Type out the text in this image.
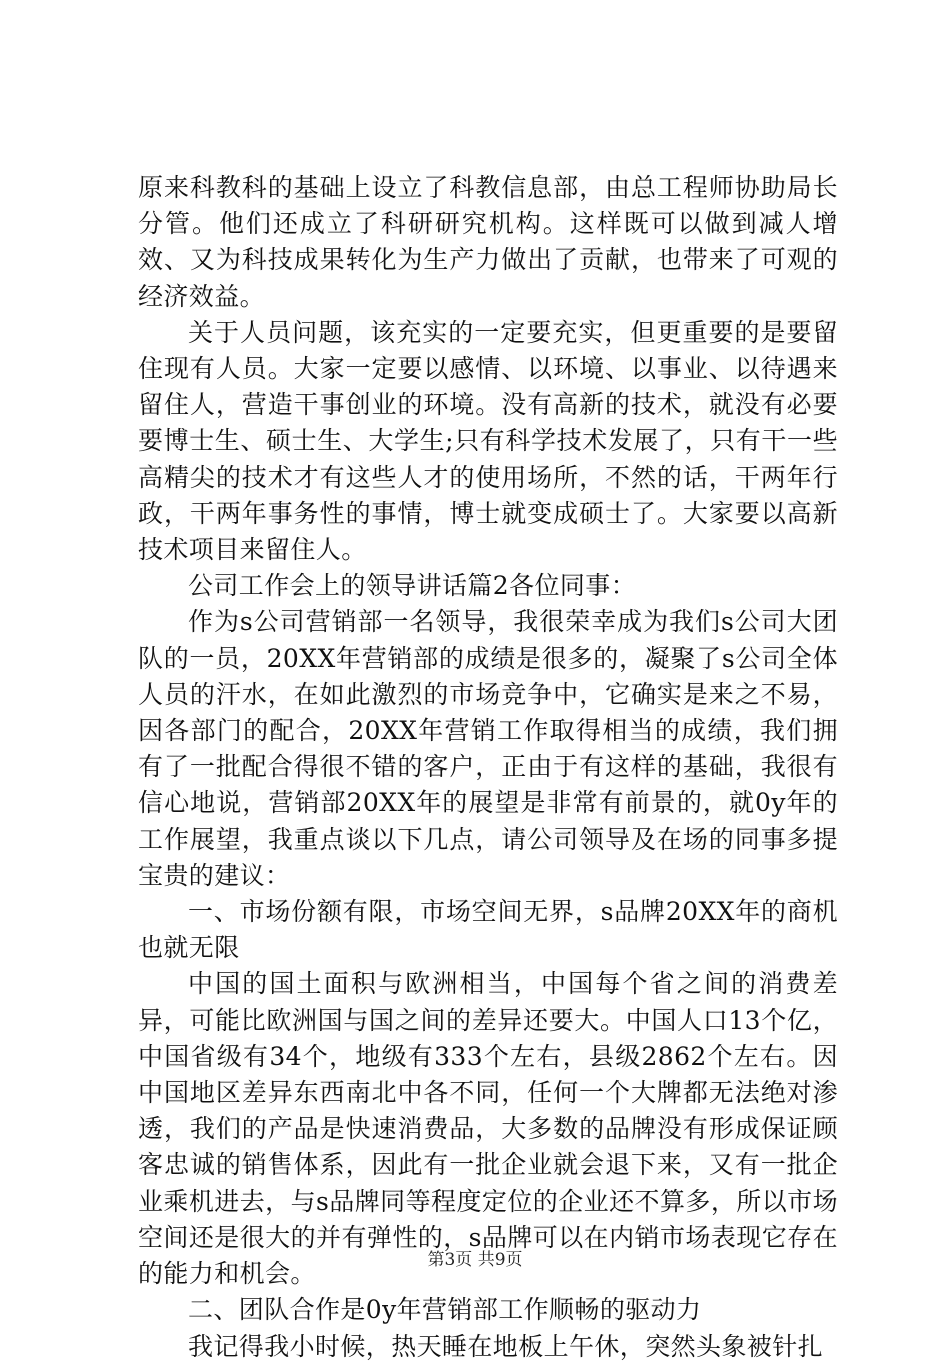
原来科教科的基础上设立了科教信息部，由总工程师协助局长分管。他们还成立了科研研究机构。这样既可以做到减人增效、又为科技成果转化为生产力做出了贡献，也带来了可观的经济效益。

关于人员问题，该充实的一定要充实，但更重要的是要留住现有人员。大家一定要以感情、以环境、以事业、以待遇来留住人，营造干事创业的环境。没有高新的技术，就没有必要要博士生、硕士生、大学生;只有科学技术发展了，只有干一些高精尖的技术才有这些人才的使用场所，不然的话，干两年行政，干两年事务性的事情，博士就变成硕士了。大家要以高新技术项目来留住人。

公司工作会上的领导讲话篇2各位同事：

作为s公司营销部一名领导，我很荣幸成为我们s公司大团队的一员，20XX年营销部的成绩是很多的，凝聚了s公司全体人员的汗水，在如此激烈的市场竞争中，它确实是来之不易，因各部门的配合，20XX年营销工作取得相当的成绩，我们拥有了一批配合得很不错的客户，正由于有这样的基础，我很有信心地说，营销部20XX年的展望是非常有前景的，就0y年的工作展望，我重点谈以下几点，请公司领导及在场的同事多提宝贵的建议：

一、市场份额有限，市场空间无界，s品牌20XX年的商机也就无限

中国的国土面积与欧洲相当，中国每个省之间的消费差异，可能比欧洲国与国之间的差异还要大。中国人口13个亿，中国省级有34个，地级有333个左右，县级2862个左右。因中国地区差异东西南北中各不同，任何一个大牌都无法绝对渗透，我们的产品是快速消费品，大多数的品牌没有形成保证顾客忠诚的销售体系，因此有一批企业就会退下来，又有一批企业乘机进去，与s品牌同等程度定位的企业还不算多，所以市场空间还是很大的并有弹性的，s品牌可以在内销市场表现它存在的能力和机会。

二、团队合作是0y年营销部工作顺畅的驱动力

我记得我小时候，热天睡在地板上午休，突然头象被针扎

第3页 共9页
